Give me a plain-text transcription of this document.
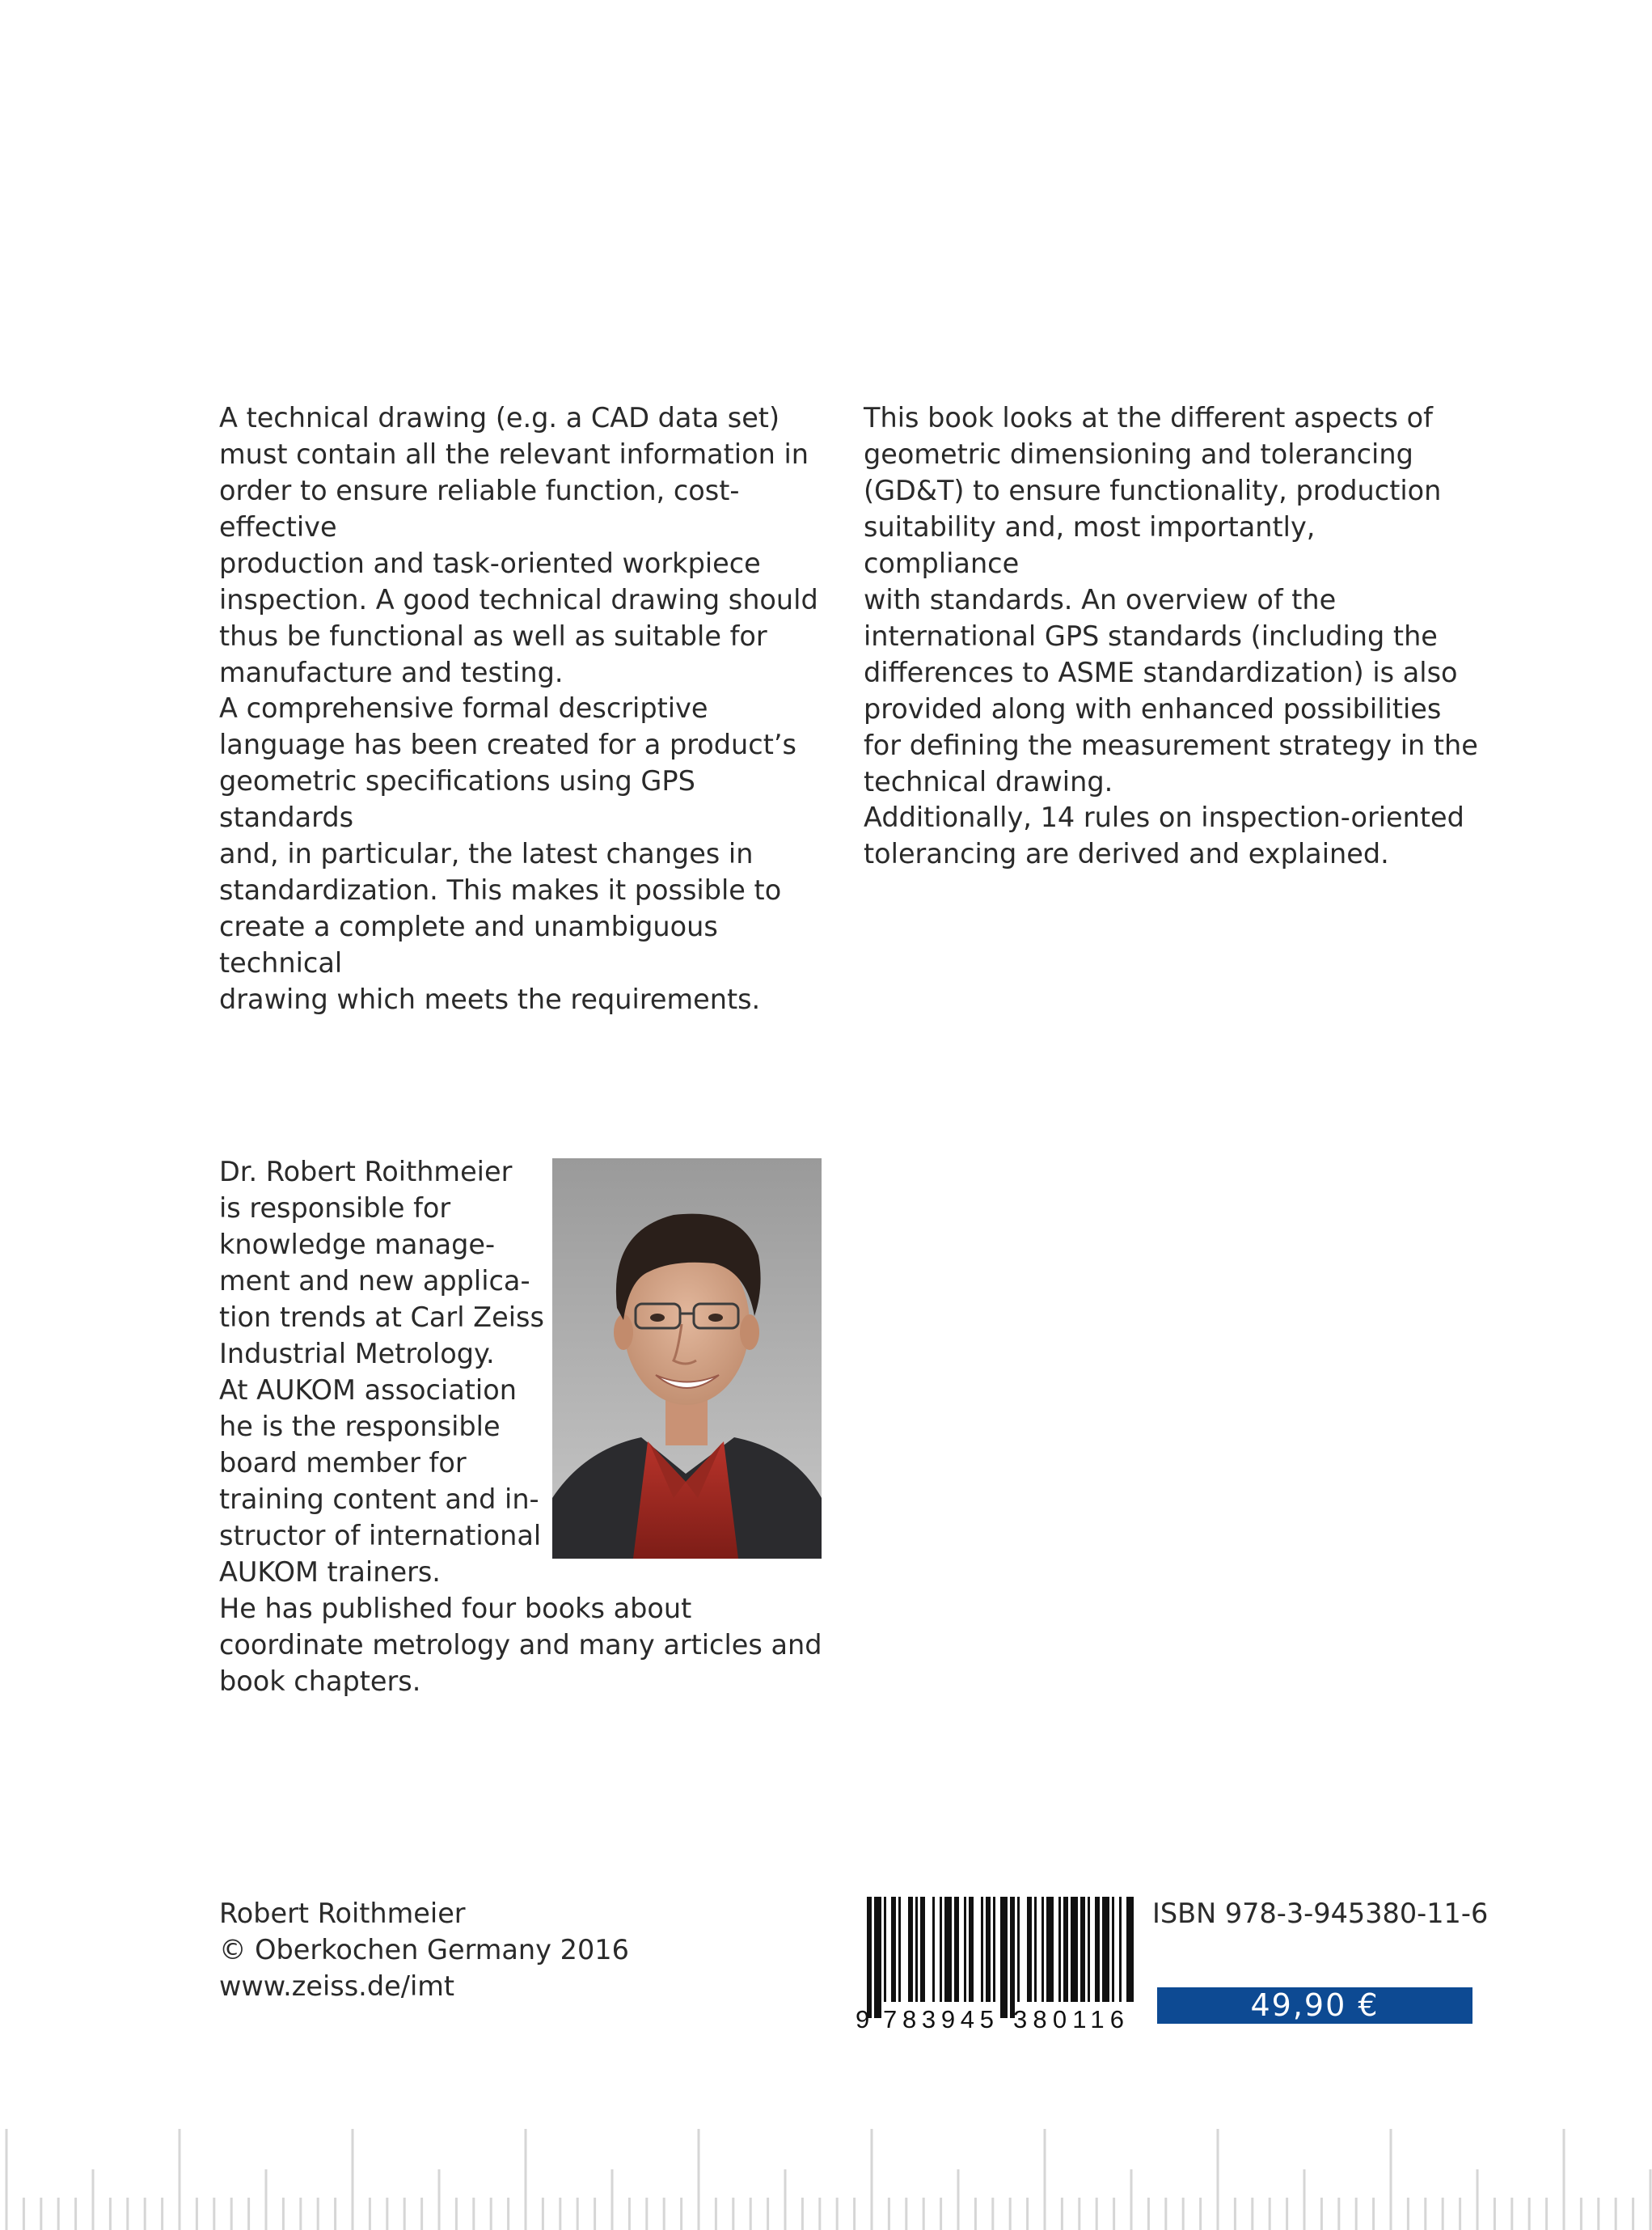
A technical drawing (e.g. a CAD data set)
must contain all the relevant information in
order to ensure reliable function, cost-effective
production and task-oriented workpiece
inspection. A good technical drawing should
thus be functional as well as suitable for
manufacture and testing.

A comprehensive formal descriptive
language has been created for a product’s
geometric specifications using GPS standards
and, in particular, the latest changes in
standardization. This makes it possible to
create a complete and unambiguous technical
drawing which meets the requirements.

This book looks at the different aspects of
geometric dimensioning and tolerancing
(GD&T) to ensure functionality, production
suitability and, most importantly, compliance
with standards. An overview of the
international GPS standards (including the
differences to ASME standardization) is also
provided along with enhanced possibilities
for defining the measurement strategy in the
technical drawing.

Additionally, 14 rules on inspection-oriented
tolerancing are derived and explained.

Dr. Robert Roithmeier
is responsible for
knowledge manage-
ment and new applica-
tion trends at Carl Zeiss
Industrial Metrology.
At AUKOM association
he is the responsible
board member for
training content and in-
structor of international
AUKOM trainers.
He has published four books about
coordinate metrology and many articles and
book chapters.
Robert Roithmeier
© Oberkochen Germany 2016
www.zeiss.de/imt
9 783945 380116
ISBN 978-3-945380-11-6
49,90 €
